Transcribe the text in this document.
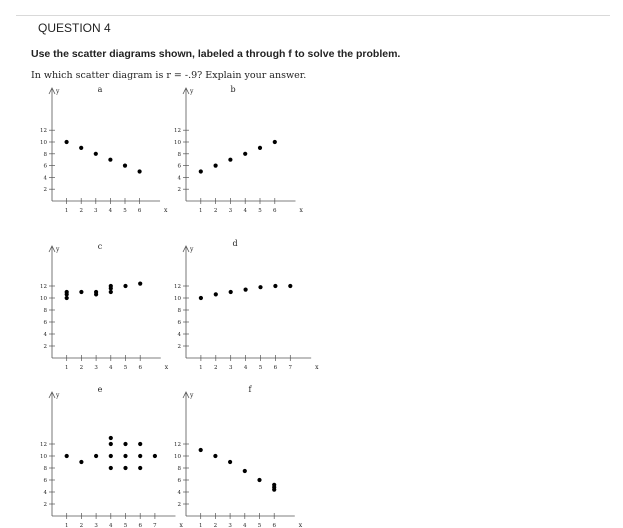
QUESTION 4
Use the scatter diagrams shown, labeled a through f to solve the problem.
In which scatter diagram is r = -.9? Explain your answer.
a
y
x
1 2 3 4 5 6
2
4
6
8
10
12
b
y
x
1 2 3 4 5 6
2
4
6
8
10
12
c
y
x
1 2 3 4 5 6
2
4
6
8
10
12
d
y
x
1 2 3 4 5 6 7
2
4
6
8
10
12
e
y
x
1 2 3 4 5 6 7
2
4
6
8
10
12
f
y
x
1 2 3 4 5 6
2
4
6
8
10
12
